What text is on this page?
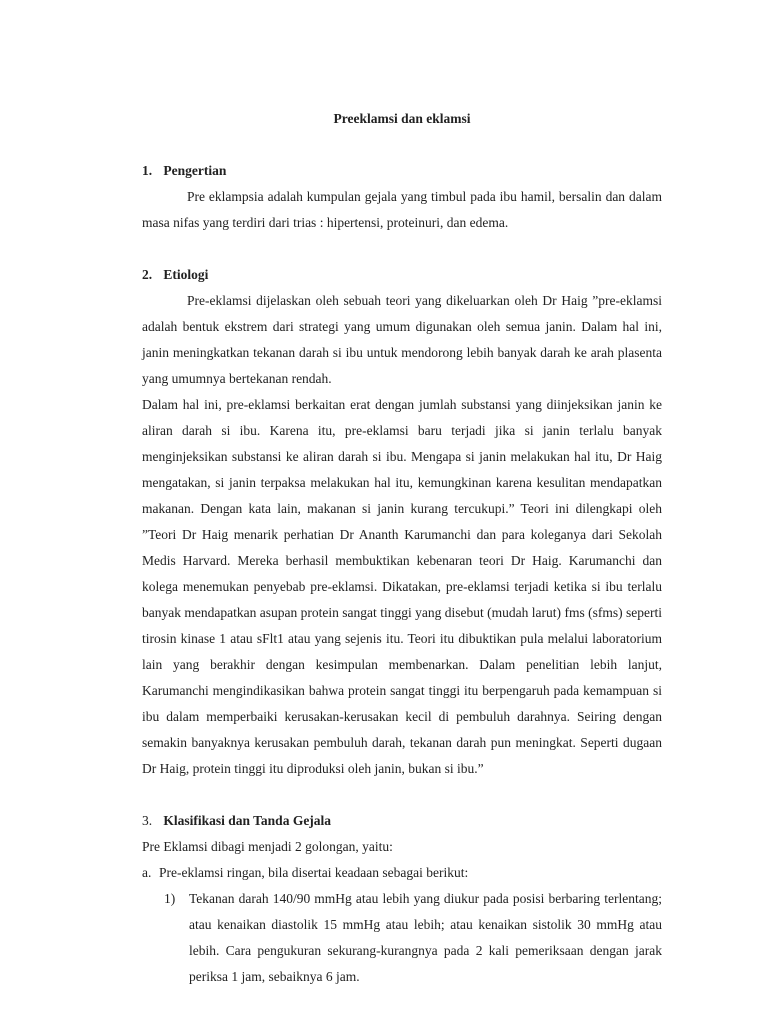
Preeklamsi dan eklamsi
1. Pengertian

Pre eklampsia adalah kumpulan gejala yang timbul pada ibu hamil, bersalin dan dalam masa nifas yang terdiri dari trias : hipertensi, proteinuri, dan edema.

2. Etiologi

Pre-eklamsi dijelaskan oleh sebuah teori yang dikeluarkan oleh Dr Haig ”pre-eklamsi adalah bentuk ekstrem dari strategi yang umum digunakan oleh semua janin. Dalam hal ini, janin meningkatkan tekanan darah si ibu untuk mendorong lebih banyak darah ke arah plasenta yang umumnya bertekanan rendah.

Dalam hal ini, pre-eklamsi berkaitan erat dengan jumlah substansi yang diinjeksikan janin ke aliran darah si ibu. Karena itu, pre-eklamsi baru terjadi jika si janin terlalu banyak menginjeksikan substansi ke aliran darah si ibu. Mengapa si janin melakukan hal itu, Dr Haig mengatakan, si janin terpaksa melakukan hal itu, kemungkinan karena kesulitan mendapatkan makanan. Dengan kata lain, makanan si janin kurang tercukupi.” Teori ini dilengkapi oleh ”Teori Dr Haig menarik perhatian Dr Ananth Karumanchi dan para koleganya dari Sekolah Medis Harvard. Mereka berhasil membuktikan kebenaran teori Dr Haig. Karumanchi dan kolega menemukan penyebab pre-eklamsi. Dikatakan, pre-eklamsi terjadi ketika si ibu terlalu banyak mendapatkan asupan protein sangat tinggi yang disebut (mudah larut) fms (sfms) seperti tirosin kinase 1 atau sFlt1 atau yang sejenis itu. Teori itu dibuktikan pula melalui laboratorium lain yang berakhir dengan kesimpulan membenarkan. Dalam penelitian lebih lanjut, Karumanchi mengindikasikan bahwa protein sangat tinggi itu berpengaruh pada kemampuan si ibu dalam memperbaiki kerusakan-kerusakan kecil di pembuluh darahnya. Seiring dengan semakin banyaknya kerusakan pembuluh darah, tekanan darah pun meningkat. Seperti dugaan Dr Haig, protein tinggi itu diproduksi oleh janin, bukan si ibu.”

3. Klasifikasi dan Tanda Gejala

Pre Eklamsi dibagi menjadi 2 golongan, yaitu:

a. Pre-eklamsi ringan, bila disertai keadaan sebagai berikut:
1)	Tekanan darah 140/90 mmHg atau lebih yang diukur pada posisi berbaring terlentang; atau kenaikan diastolik 15 mmHg atau lebih; atau kenaikan sistolik 30 mmHg atau lebih. Cara pengukuran sekurang-kurangnya pada 2 kali pemeriksaan dengan jarak periksa 1 jam, sebaiknya 6 jam.
